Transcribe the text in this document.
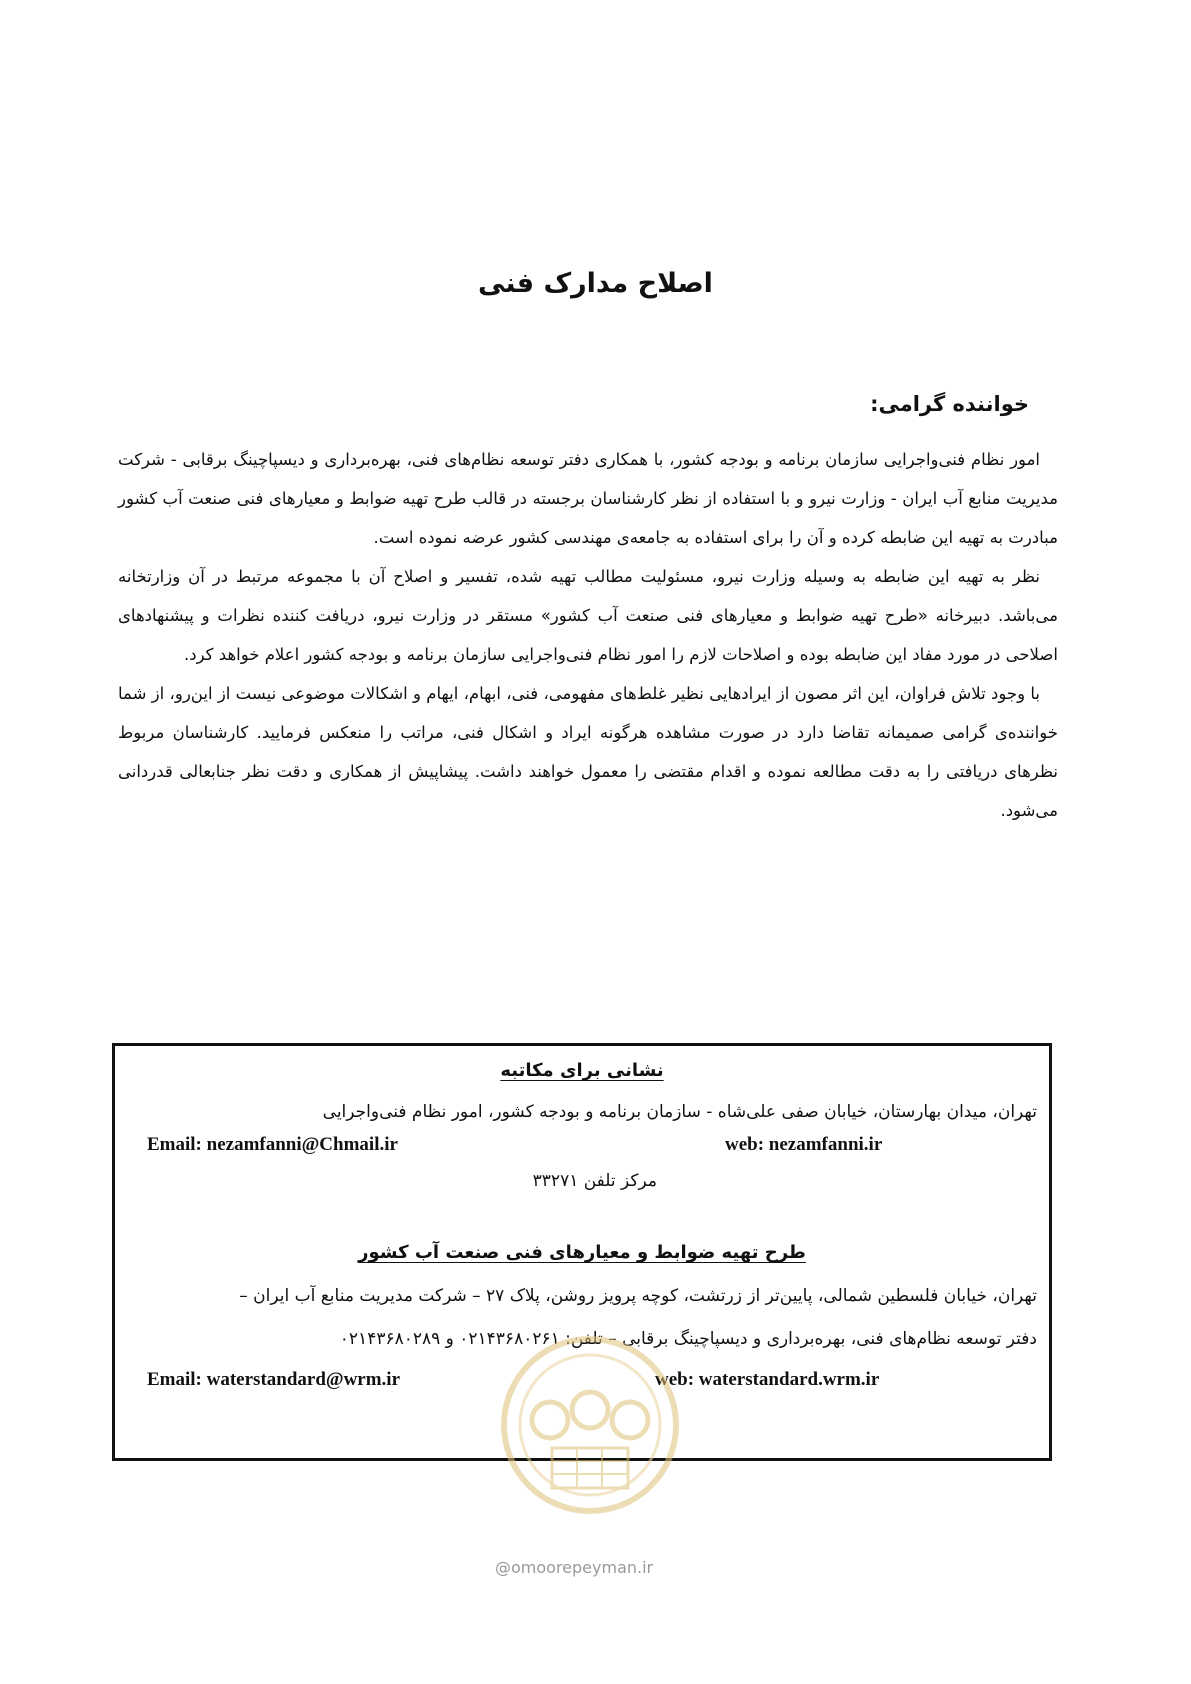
اصلاح مدارک فنی
خواننده گرامی:

امور نظام فنی‌واجرایی سازمان برنامه و بودجه کشور، با همکاری دفتر توسعه نظام‌های فنی، بهره‌برداری و دیسپاچینگ برقابی - شرکت مدیریت منابع آب ایران - وزارت نیرو و با استفاده از نظر کارشناسان برجسته در قالب طرح تهیه ضوابط و معیارهای فنی صنعت آب کشور مبادرت به تهیه این ضابطه کرده و آن را برای استفاده به جامعه‌ی مهندسی کشور عرضه نموده است.

نظر به تهیه این ضابطه به وسیله وزارت نیرو، مسئولیت مطالب تهیه شده، تفسیر و اصلاح آن با مجموعه مرتبط در آن وزارتخانه می‌باشد. دبیرخانه «طرح تهیه ضوابط و معیارهای فنی صنعت آب کشور» مستقر در وزارت نیرو، دریافت کننده نظرات و پیشنهادهای اصلاحی در مورد مفاد این ضابطه بوده و اصلاحات لازم را امور نظام فنی‌واجرایی سازمان برنامه و بودجه کشور اعلام خواهد کرد.

با وجود تلاش فراوان، این اثر مصون از ایرادهایی نظیر غلط‌های مفهومی، فنی، ابهام، ایهام و اشکالات موضوعی نیست از این‌رو، از شما خواننده‌ی گرامی صمیمانه تقاضا دارد در صورت مشاهده هرگونه ایراد و اشکال فنی، مراتب را منعکس فرمایید. کارشناسان مربوط نظرهای دریافتی را به دقت مطالعه نموده و اقدام مقتضی را معمول خواهند داشت. پیشاپیش از همکاری و دقت نظر جنابعالی قدردانی می‌شود.

نشانی برای مکاتبه

تهران، میدان بهارستان، خیابان صفی علی‌شاه - سازمان برنامه و بودجه کشور، امور نظام فنی‌واجرایی

Email: nezamfanni@Chmail.ir	web: nezamfanni.ir

مرکز تلفن ۳۳۲۷۱

طرح تهیه ضوابط و معیارهای فنی صنعت آب کشور

تهران، خیابان فلسطین شمالی، پایین‌تر از زرتشت، کوچه پرویز روشن، پلاک ۲۷ – شرکت مدیریت منابع آب ایران –

دفتر توسعه نظام‌های فنی، بهره‌برداری و دیسپاچینگ برقابی – تلفن: ۰۲۱۴۳۶۸۰۲۶۱ و ۰۲۱۴۳۶۸۰۲۸۹

Email: waterstandard@wrm.ir	web: waterstandard.wrm.ir

@omoorepeyman.ir
